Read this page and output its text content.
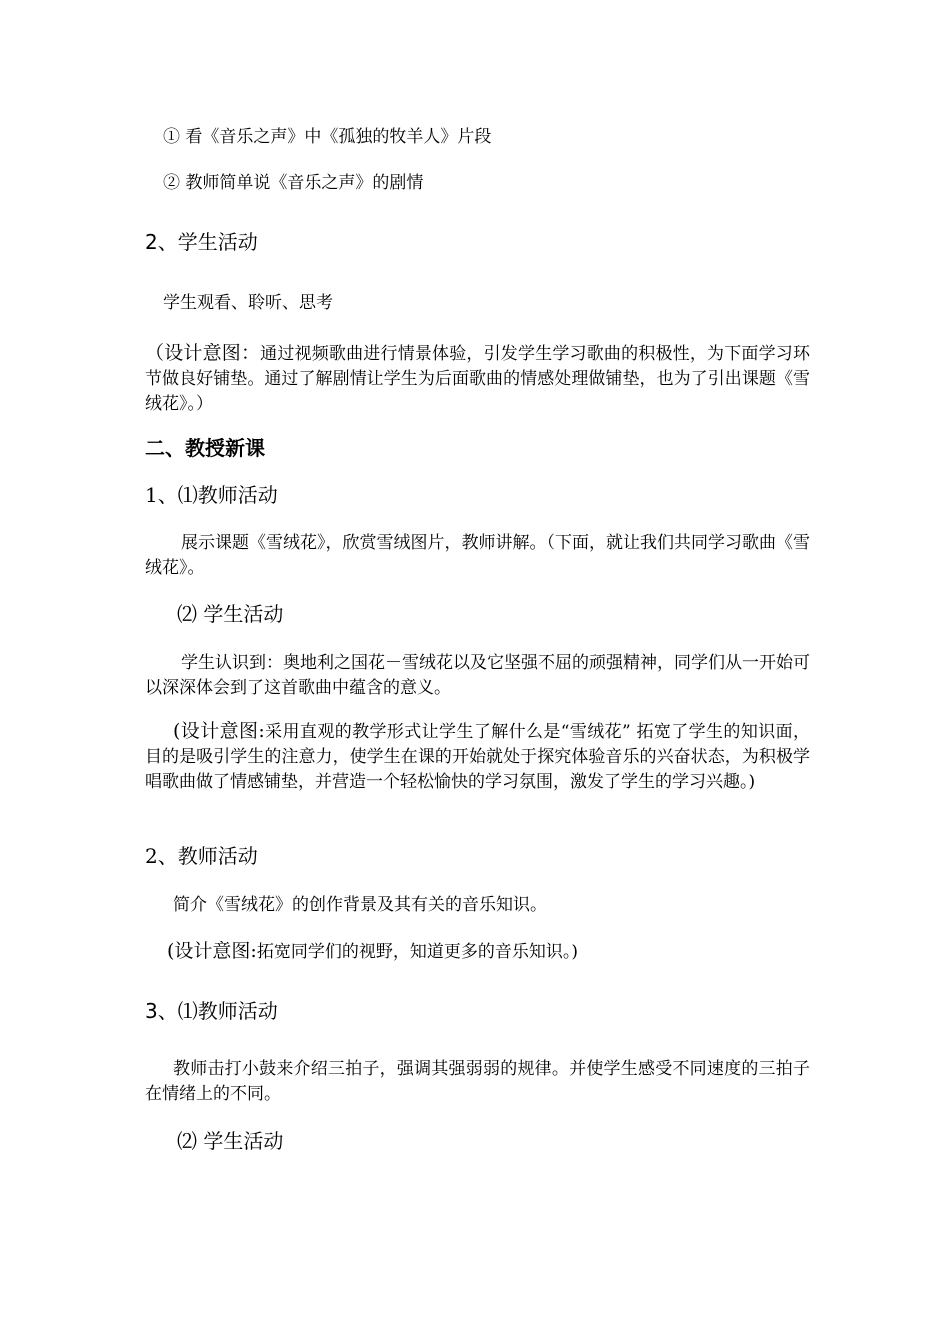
① 看《音乐之声》中《孤独的牧羊人》片段

② 教师简单说《音乐之声》的剧情

2、学生活动

学生观看、聆听、思考

（设计意图：通过视频歌曲进行情景体验，引发学生学习歌曲的积极性，为下面学习环节做良好铺垫。通过了解剧情让学生为后面歌曲的情感处理做铺垫，也为了引出课题《雪绒花》。）

二、教授新课

1、⑴教师活动

展示课题《雪绒花》，欣赏雪绒图片，教师讲解。（下面，就让我们共同学习歌曲《雪绒花》。

⑵ 学生活动

学生认识到：奥地利之国花－雪绒花以及它坚强不屈的顽强精神，同学们从一开始可以深深体会到了这首歌曲中蕴含的意义。

(设计意图:采用直观的教学形式让学生了解什么是“雪绒花” 拓宽了学生的知识面，目的是吸引学生的注意力，使学生在课的开始就处于探究体验音乐的兴奋状态，为积极学唱歌曲做了情感铺垫，并营造一个轻松愉快的学习氛围，激发了学生的学习兴趣。)

2、教师活动

简介《雪绒花》的创作背景及其有关的音乐知识。

(设计意图:拓宽同学们的视野，知道更多的音乐知识。)

3、⑴教师活动

教师击打小鼓来介绍三拍子，强调其强弱弱的规律。并使学生感受不同速度的三拍子在情绪上的不同。

⑵ 学生活动
